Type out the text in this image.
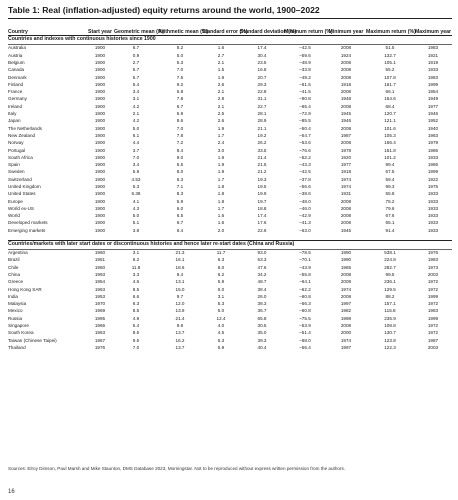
Table 1: Real (inflation-adjusted) equity returns around the world, 1900–2022
Country	Start year	Geometric mean (%)	Arithmetic mean (%)	Standard error (%)	Standard deviation (%)	Minimum return (%)	Minimum year	Maximum return (%)	Maximum year
Countries and indexes with continuous histories since 1900									
Australia	1900	6.7	8.2	1.6	17.4	–42.5	2008	51.5	1983
Austria	1900	0.9	5.0	2.7	30.4	–59.6	1924	132.7	1921
Belgium	1900	2.7	5.3	2.1	23.5	–48.9	2008	105.1	1919
Canada	1900	5.7	7.0	1.5	16.8	–33.8	2008	55.2	1933
Denmark	1900	5.7	7.5	1.9	20.7	–49.2	2008	107.8	1983
Finland	1900	5.4	9.2	2.6	29.3	–61.5	1918	161.7	1999
France	1900	3.4	5.8	2.1	22.8	–41.5	2008	66.1	1954
Germany	1900	3.1	7.8	2.8	31.1	–90.8	1948	154.6	1949
Ireland	1900	4.2	6.7	2.1	22.7	–65.4	2008	68.4	1977
Italy	1900	2.1	5.9	2.5	28.1	–72.9	1945	120.7	1946
Japan	1900	4.2	8.6	2.6	28.9	–85.5	1946	121.1	1952
The Netherlands	1900	5.0	7.0	1.9	21.1	–50.4	2008	101.6	1940
New Zealand	1900	6.1	7.8	1.7	19.2	–54.7	1987	105.3	1983
Norway	1900	4.4	7.2	2.4	26.2	–53.6	2008	166.4	1979
Portugal	1900	3.7	8.4	3.0	33.5	–76.6	1978	151.8	1986
South Africa	1900	7.0	9.0	1.9	21.4	–52.2	1920	101.2	1933
Spain	1900	3.4	5.5	1.9	21.5	–43.3	1977	99.4	1986
Sweden	1900	5.9	8.0	1.9	21.2	–42.5	1918	67.5	1999
Switzerland	1900	4.53	6.3	1.7	19.3	–37.8	1974	59.4	1922
United Kingdom	1900	5.3	7.1	1.8	19.5	–56.6	1974	99.3	1975
United States	1900	6.38	8.3	1.8	19.9	–38.6	1931	55.8	1933
Europe	1900	4.1	5.9	1.8	19.7	–48.0	2008	75.2	1933
World ex-US	1900	4.3	6.0	1.7	18.8	–46.0	2008	79.6	1933
World	1900	5.0	6.5	1.6	17.4	–42.9	2008	67.6	1933
Developed markets	1900	5.1	6.7	1.6	17.6	–41.3	2008	65.1	1933
Emerging markets	1900	3.8	6.4	2.0	22.6	–63.0	1945	91.4	1933

Countries/markets with later start dates or discontinuous histories and hence later re-start dates (China and Russia)									
Argentina	1960	3.1	21.3	11.7	93.0	–78.5	1990	538.1	1976
Brazil	1951	6.2	16.1	6.3	53.3	–70.1	1990	224.8	1983
Chile	1960	11.8	18.6	6.0	47.6	–43.9	1965	282.7	1973
China	1993	3.3	8.4	6.2	34.2	–55.8	2008	99.5	2003
Greece	1954	4.6	13.1	5.9	48.7	–64.1	2008	236.1	1972
Hong Kong SAR	1963	8.5	15.0	5.0	38.4	–62.2	1974	129.5	1972
India	1953	6.6	9.7	3.1	26.0	–60.8	2008	88.2	1999
Malaysia	1970	6.3	12.0	5.3	38.3	–56.3	1997	157.1	1972
Mexico	1969	8.5	13.9	5.0	36.7	–60.8	1982	115.8	1983
Russia	1995	4.9	21.4	12.4	65.8	–75.5	1998	235.9	1999
Singapore	1966	5.4	9.6	4.0	30.5	–53.9	2008	108.8	1972
South Korea	1963	8.5	13.7	4.5	35.0	–51.4	2000	130.7	1972
Taiwan (Chinese Taipei)	1967	9.5	16.2	5.3	39.3	–68.0	1974	123.8	1987
Thailand	1976	7.0	13.7	5.9	40.4	–56.4	1997	122.3	2003
Sources: Elroy Dimson, Paul Marsh and Mike Staunton, DMS Database 2023, Morningstar. Not to be reproduced without express written permission from the authors.
16
